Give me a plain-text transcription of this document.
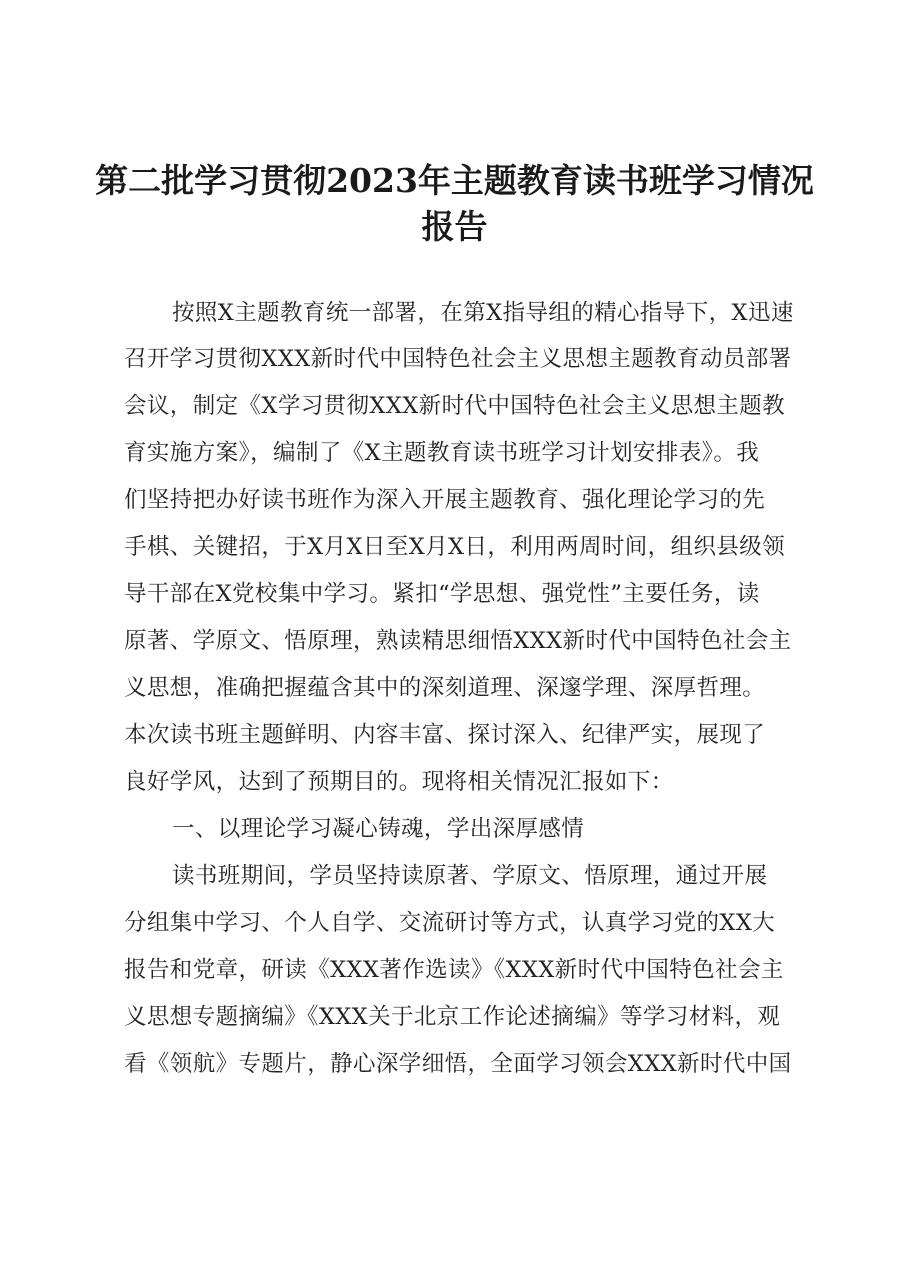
第二批学习贯彻2023年主题教育读书班学习情况
报告
按照X主题教育统一部署，在第X指导组的精心指导下，X迅速
召开学习贯彻XXX新时代中国特色社会主义思想主题教育动员部署
会议，制定《X学习贯彻XXX新时代中国特色社会主义思想主题教
育实施方案》，编制了《X主题教育读书班学习计划安排表》。我
们坚持把办好读书班作为深入开展主题教育、强化理论学习的先
手棋、关键招，于X月X日至X月X日，利用两周时间，组织县级领
导干部在X党校集中学习。紧扣“学思想、强党性”主要任务，读
原著、学原文、悟原理，熟读精思细悟XXX新时代中国特色社会主
义思想，准确把握蕴含其中的深刻道理、深邃学理、深厚哲理。
本次读书班主题鲜明、内容丰富、探讨深入、纪律严实，展现了
良好学风，达到了预期目的。现将相关情况汇报如下：
一、以理论学习凝心铸魂，学出深厚感情
读书班期间，学员坚持读原著、学原文、悟原理，通过开展
分组集中学习、个人自学、交流研讨等方式，认真学习党的XX大
报告和党章，研读《XXX著作选读》《XXX新时代中国特色社会主
义思想专题摘编》《XXX关于北京工作论述摘编》等学习材料，观
看《领航》专题片，静心深学细悟，全面学习领会XXX新时代中国
